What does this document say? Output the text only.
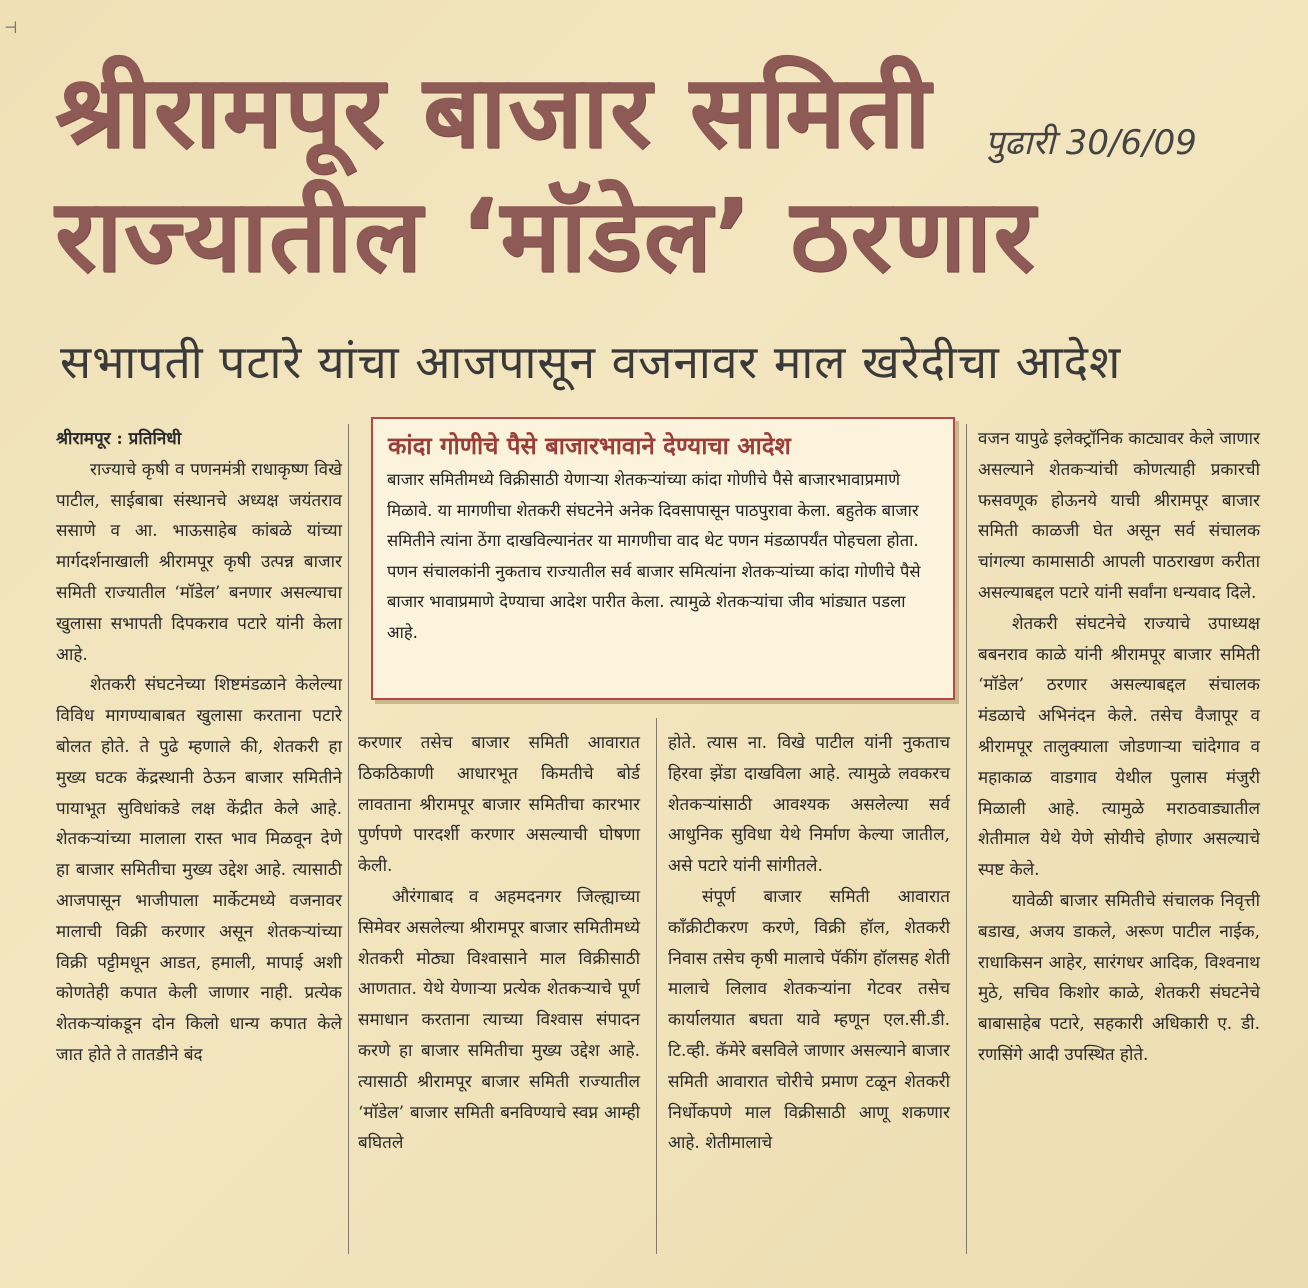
⊣
श्रीरामपूर बाजार समिती
राज्यातील ‘मॉडेल’ ठरणार
पुढारी 30/6/09
सभापती पटारे यांचा आजपासून वजनावर माल खरेदीचा आदेश

श्रीरामपूर : प्रतिनिधी

राज्याचे कृषी व पणनमंत्री राधाकृष्ण विखे पाटील, साईबाबा संस्थानचे अध्यक्ष जयंतराव ससाणे व आ. भाऊसाहेब कांबळे यांच्या मार्गदर्शनाखाली श्रीरामपूर कृषी उत्पन्न बाजार समिती राज्यातील ‘मॉडेल’ बनणार असल्याचा खुलासा सभापती दिपकराव पटारे यांनी केला आहे.

शेतकरी संघटनेच्या शिष्टमंडळाने केलेल्या विविध मागण्याबाबत खुलासा करताना पटारे बोलत होते. ते पुढे म्हणाले की, शेतकरी हा मुख्य घटक केंद्रस्थानी ठेऊन बाजार समितीने पायाभूत सुविधांकडे लक्ष केंद्रीत केले आहे. शेतकऱ्यांच्या मालाला रास्त भाव मिळवून देणे हा बाजार समितीचा मुख्य उद्देश आहे. त्यासाठी आजपासून भाजीपाला मार्केटमध्ये वजनावर मालाची विक्री करणार असून शेतकऱ्यांच्या विक्री पट्टीमधून आडत, हमाली, मापाई अशी कोणतेही कपात केली जाणार नाही. प्रत्येक शेतकऱ्यांकडून दोन किलो धान्य कपात केले जात होते ते तातडीने बंद

कांदा गोणीचे पैसे बाजारभावाने देण्याचा आदेश
बाजार समितीमध्ये विक्रीसाठी येणाऱ्या शेतकऱ्यांच्या कांदा गोणीचे पैसे बाजारभावाप्रमाणे मिळावे. या मागणीचा शेतकरी संघटनेने अनेक दिवसापासून पाठपुरावा केला. बहुतेक बाजार समितीने त्यांना ठेंगा दाखविल्यानंतर या मागणीचा वाद थेट पणन मंडळापर्यंत पोहचला होता. पणन संचालकांनी नुकताच राज्यातील सर्व बाजार समित्यांना शेतकऱ्यांच्या कांदा गोणीचे पैसे बाजार भावाप्रमाणे देण्याचा आदेश पारीत केला. त्यामुळे शेतकऱ्यांचा जीव भांड्यात पडला आहे.

करणार तसेच बाजार समिती आवारात ठिकठिकाणी आधारभूत किमतीचे बोर्ड लावताना श्रीरामपूर बाजार समितीचा कारभार पुर्णपणे पारदर्शी करणार असल्याची घोषणा केली.

औरंगाबाद व अहमदनगर जिल्ह्याच्या सिमेवर असलेल्या श्रीरामपूर बाजार समितीमध्ये शेतकरी मोठ्या विश्वासाने माल विक्रीसाठी आणतात. येथे येणाऱ्या प्रत्येक शेतकऱ्याचे पूर्ण समाधान करताना त्याच्या विश्वास संपादन करणे हा बाजार समितीचा मुख्य उद्देश आहे. त्यासाठी श्रीरामपूर बाजार समिती राज्यातील ‘मॉडेल’ बाजार समिती बनविण्याचे स्वप्न आम्ही बघितले

होते. त्यास ना. विखे पाटील यांनी नुकताच हिरवा झेंडा दाखविला आहे. त्यामुळे लवकरच शेतकऱ्यांसाठी आवश्यक असलेल्या सर्व आधुनिक सुविधा येथे निर्माण केल्या जातील, असे पटारे यांनी सांगीतले.

संपूर्ण बाजार समिती आवारात कॉंक्रीटीकरण करणे, विक्री हॉल, शेतकरी निवास तसेच कृषी मालाचे पॅकींग हॉलसह शेती मालाचे लिलाव शेतकऱ्यांना गेटवर तसेच कार्यालयात बघता यावे म्हणून एल.सी.डी. टि.व्ही. कॅमेरे बसविले जाणार असल्याने बाजार समिती आवारात चोरीचे प्रमाण टळून शेतकरी निर्धोकपणे माल विक्रीसाठी आणू शकणार आहे. शेतीमालाचे

वजन यापुढे इलेक्ट्रॉनिक काट्यावर केले जाणार असल्याने शेतकऱ्यांची कोणत्याही प्रकारची फसवणूक होऊनये याची श्रीरामपूर बाजार समिती काळजी घेत असून सर्व संचालक चांगल्या कामासाठी आपली पाठराखण करीता असल्याबद्दल पटारे यांनी सर्वांना धन्यवाद दिले.

शेतकरी संघटनेचे राज्याचे उपाध्यक्ष बबनराव काळे यांनी श्रीरामपूर बाजार समिती ‘मॉडेल’ ठरणार असल्याबद्दल संचालक मंडळाचे अभिनंदन केले. तसेच वैजापूर व श्रीरामपूर तालुक्याला जोडणाऱ्या चांदेगाव व महाकाळ वाडगाव येथील पुलास मंजुरी मिळाली आहे. त्यामुळे मराठवाड्यातील शेतीमाल येथे येणे सोयीचे होणार असल्याचे स्पष्ट केले.

यावेळी बाजार समितीचे संचालक निवृत्ती बडाख, अजय डाकले, अरूण पाटील नाईक, राधाकिसन आहेर, सारंगधर आदिक, विश्वनाथ मुठे, सचिव किशोर काळे, शेतकरी संघटनेचे बाबासाहेब पटारे, सहकारी अधिकारी ए. डी. रणसिंगे आदी उपस्थित होते.
